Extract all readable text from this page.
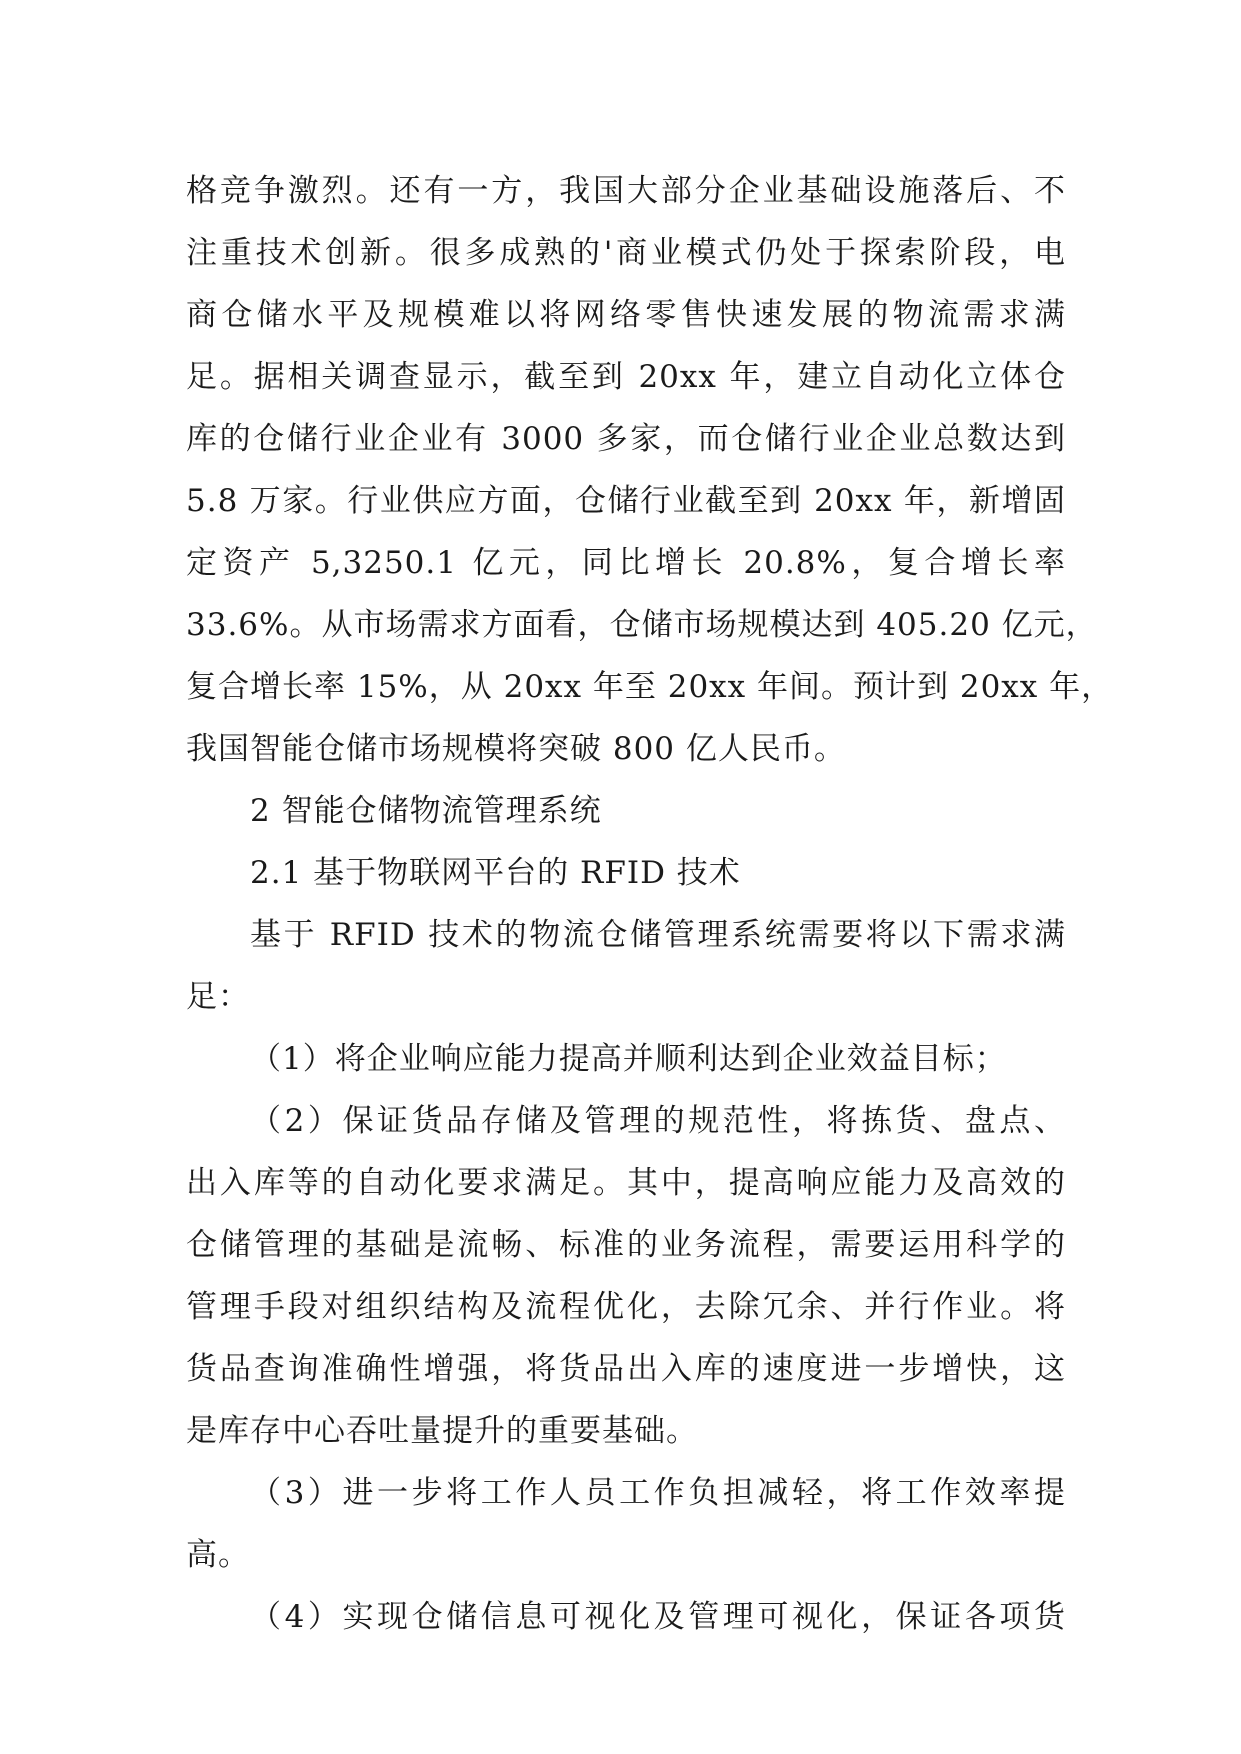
格竞争激烈。还有一方，我国大部分企业基础设施落后、不
注重技术创新。很多成熟的'商业模式仍处于探索阶段，电
商仓储水平及规模难以将网络零售快速发展的物流需求满
足。据相关调查显示，截至到 20xx 年，建立自动化立体仓
库的仓储行业企业有 3000 多家，而仓储行业企业总数达到
5.8 万家。行业供应方面，仓储行业截至到 20xx 年，新增固
定资产 5,3250.1 亿元，同比增长 20.8%，复合增长率
33.6%。从市场需求方面看，仓储市场规模达到 405.20 亿元，
复合增长率 15%，从 20xx 年至 20xx 年间。预计到 20xx 年，
我国智能仓储市场规模将突破 800 亿人民币。
2 智能仓储物流管理系统
2.1 基于物联网平台的 RFID 技术
基于 RFID 技术的物流仓储管理系统需要将以下需求满
足：
（1）将企业响应能力提高并顺利达到企业效益目标；
（2）保证货品存储及管理的规范性，将拣货、盘点、
出入库等的自动化要求满足。其中，提高响应能力及高效的
仓储管理的基础是流畅、标准的业务流程，需要运用科学的
管理手段对组织结构及流程优化，去除冗余、并行作业。将
货品查询准确性增强，将货品出入库的速度进一步增快，这
是库存中心吞吐量提升的重要基础。
（3）进一步将工作人员工作负担减轻，将工作效率提
高。
（4）实现仓储信息可视化及管理可视化，保证各项货
